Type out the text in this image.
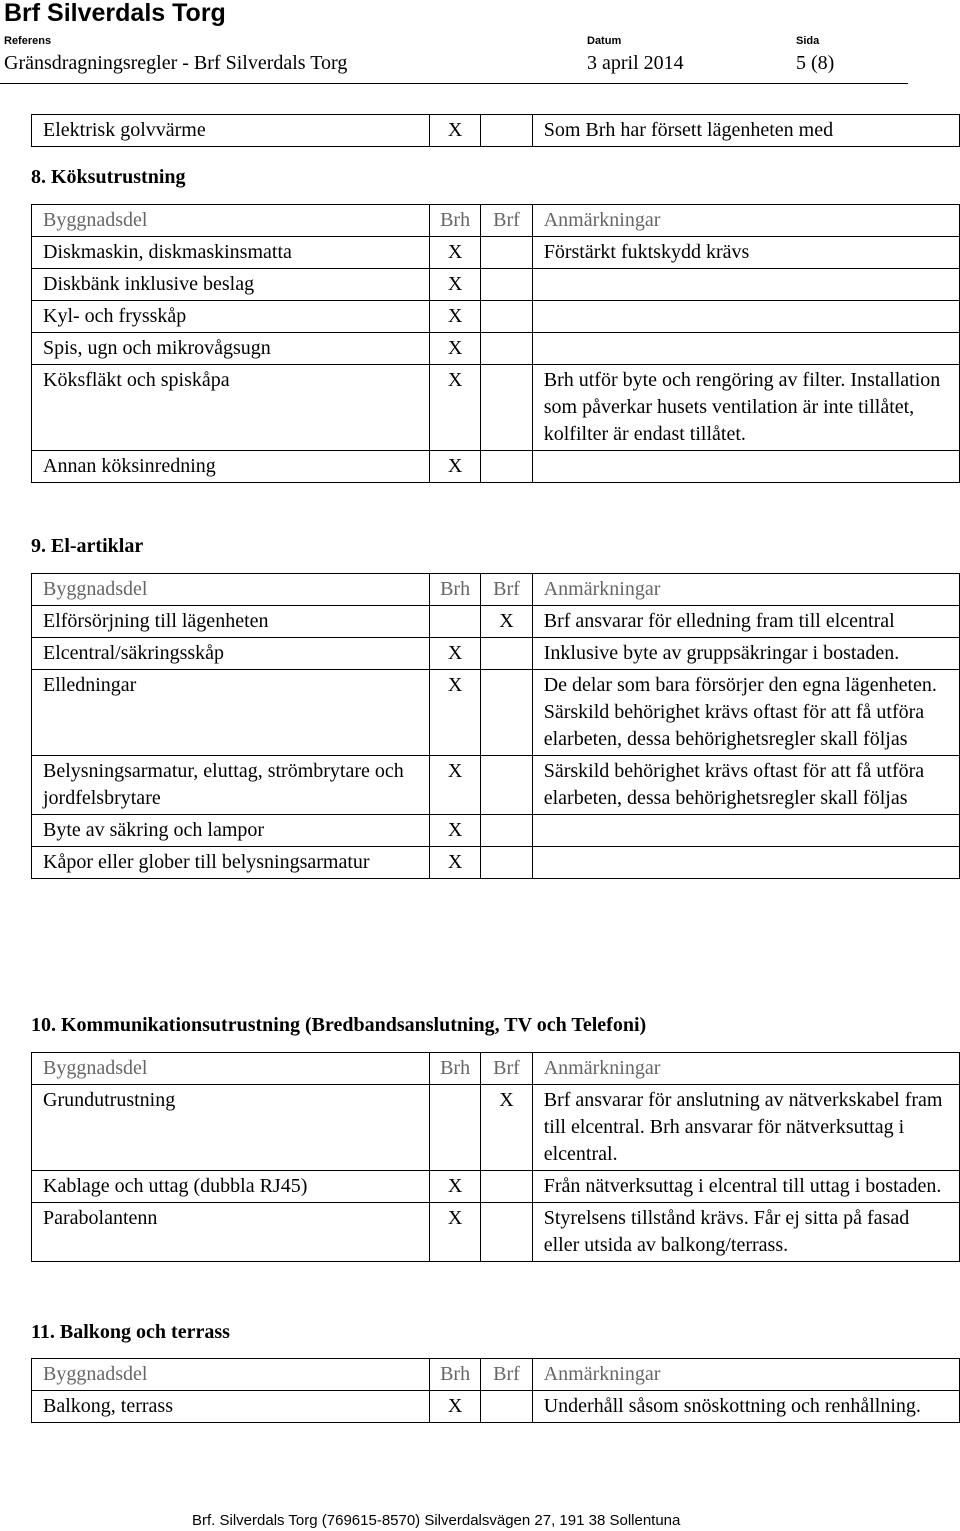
Brf Silverdals Torg
Referens	Datum	Sida
Gränsdragningsregler - Brf Silverdals Torg	3 april 2014	5 (8)
Elektrisk golvvärme	X		Som Brh har försett lägenheten med
8. Köksutrustning
Byggnadsdel	Brh	Brf	Anmärkningar
Diskmaskin, diskmaskinsmatta	X		Förstärkt fuktskydd krävs
Diskbänk inklusive beslag	X		
Kyl- och frysskåp	X		
Spis, ugn och mikrovågsugn	X		
Köksfläkt och spiskåpa	X		Brh utför byte och rengöring av filter. Installation som påverkar husets ventilation är inte tillåtet, kolfilter är endast tillåtet.
Annan köksinredning	X		
9. El-artiklar
Byggnadsdel	Brh	Brf	Anmärkningar
Elförsörjning till lägenheten		X	Brf ansvarar för elledning fram till elcentral
Elcentral/säkringsskåp	X		Inklusive byte av gruppsäkringar i bostaden.
Elledningar	X		De delar som bara försörjer den egna lägenheten. Särskild behörighet krävs oftast för att få utföra elarbeten, dessa behörighetsregler skall följas
Belysningsarmatur, eluttag, strömbrytare och jordfelsbrytare	X		Särskild behörighet krävs oftast för att få utföra elarbeten, dessa behörighetsregler skall följas
Byte av säkring och lampor	X		
Kåpor eller glober till belysningsarmatur	X		
10. Kommunikationsutrustning (Bredbandsanslutning, TV och Telefoni)
Byggnadsdel	Brh	Brf	Anmärkningar
Grundutrustning		X	Brf ansvarar för anslutning av nätverkskabel fram till elcentral. Brh ansvarar för nätverksuttag i elcentral.
Kablage och uttag (dubbla RJ45)	X		Från nätverksuttag i elcentral till uttag i bostaden.
Parabolantenn	X		Styrelsens tillstånd krävs. Får ej sitta på fasad eller utsida av balkong/terrass.
11. Balkong och terrass
Byggnadsdel	Brh	Brf	Anmärkningar
Balkong, terrass	X		Underhåll såsom snöskottning och renhållning.
Brf. Silverdals Torg (769615-8570) Silverdalsvägen 27, 191 38 Sollentuna
